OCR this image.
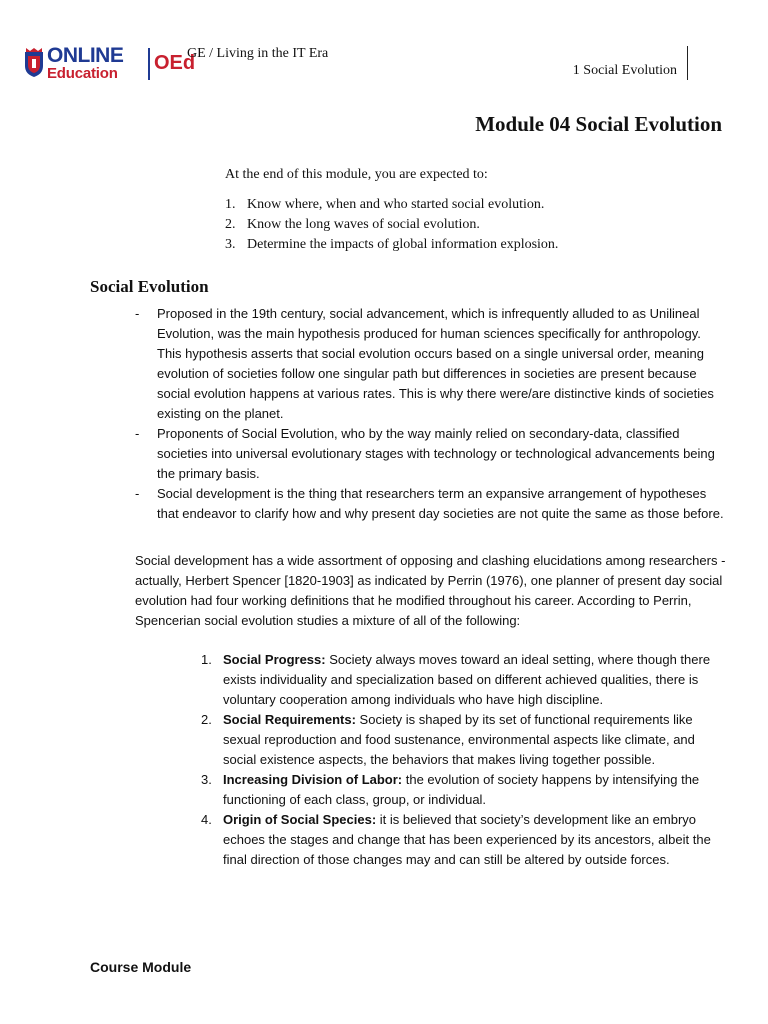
ONLINE
Education OEd
GE / Living in the IT Era
1 Social Evolution
Module 04 Social Evolution
At the end of this module, you are expected to:
1. Know where, when and who started social evolution.
2. Know the long waves of social evolution.
3. Determine the impacts of global information explosion.
Social Evolution
-	Proposed in the 19th century, social advancement, which is infrequently alluded to as Unilineal Evolution, was the main hypothesis produced for human sciences specifically for anthropology. This hypothesis asserts that social evolution occurs based on a single universal order, meaning evolution of societies follow one singular path but differences in societies are present because social evolution happens at various rates. This is why there were/are distinctive kinds of societies existing on the planet.
-	Proponents of Social Evolution, who by the way mainly relied on secondary-data, classified societies into universal evolutionary stages with technology or technological advancements being the primary basis.
-	Social development is the thing that researchers term an expansive arrangement of hypotheses that endeavor to clarify how and why present day societies are not quite the same as those before.

Social development has a wide assortment of opposing and clashing elucidations among researchers - actually, Herbert Spencer [1820-1903] as indicated by Perrin (1976), one planner of present day social evolution had four working definitions that he modified throughout his career. According to Perrin, Spencerian social evolution studies a mixture of all of the following:

1. Social Progress: Society always moves toward an ideal setting, where though there exists individuality and specialization based on different achieved qualities, there is voluntary cooperation among individuals who have high discipline.
2. Social Requirements: Society is shaped by its set of functional requirements like sexual reproduction and food sustenance, environmental aspects like climate, and social existence aspects, the behaviors that makes living together possible.
3. Increasing Division of Labor: the evolution of society happens by intensifying the functioning of each class, group, or individual.
4. Origin of Social Species: it is believed that society’s development like an embryo echoes the stages and change that has been experienced by its ancestors, albeit the final direction of those changes may and can still be altered by outside forces.
Course Module
